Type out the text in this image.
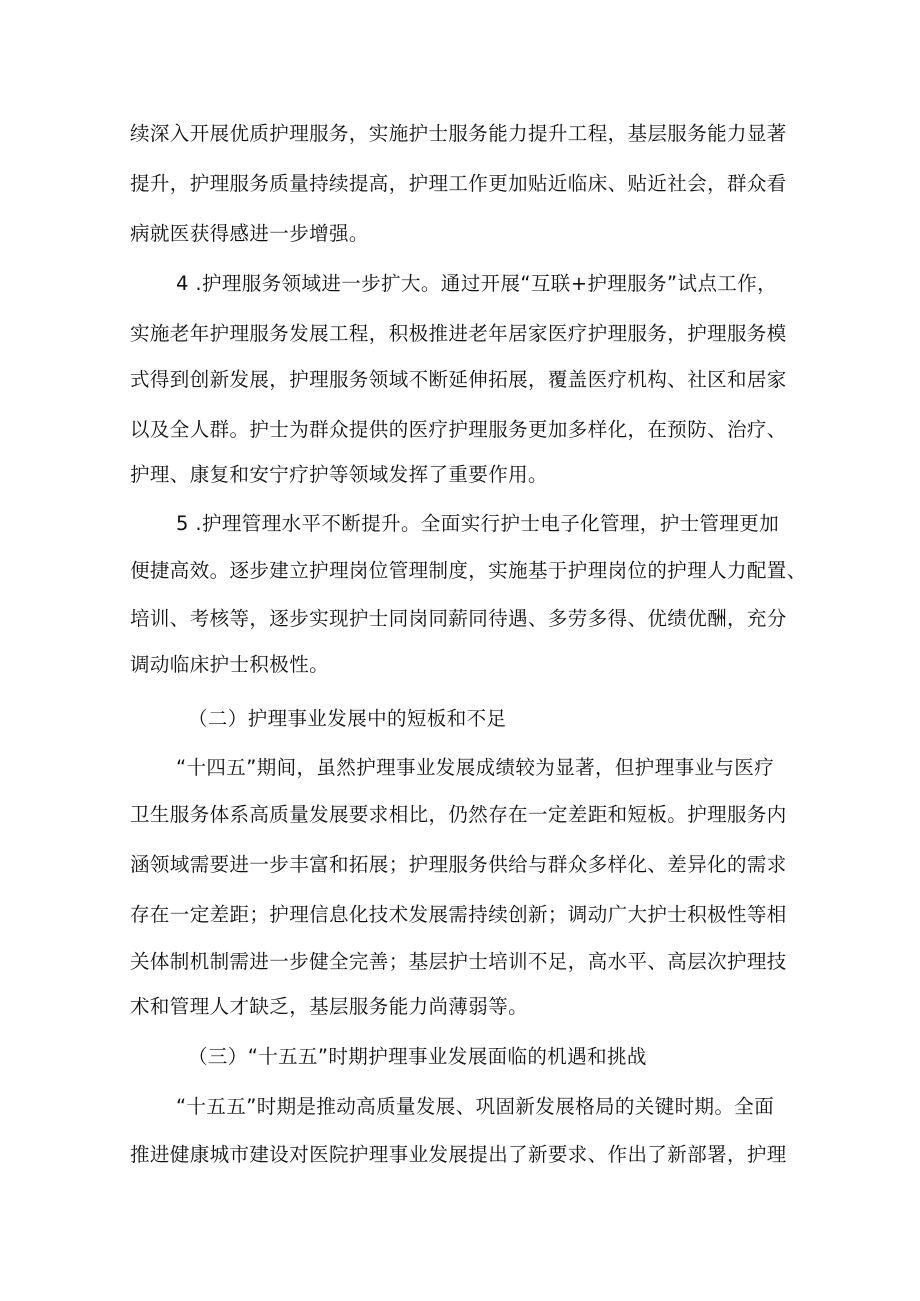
续深入开展优质护理服务，实施护士服务能力提升工程，基层服务能力显著
提升，护理服务质量持续提高，护理工作更加贴近临床、贴近社会，群众看
病就医获得感进一步增强。
4 .护理服务领域进一步扩大。通过开展“互联+护理服务”试点工作，
实施老年护理服务发展工程，积极推进老年居家医疗护理服务，护理服务模
式得到创新发展，护理服务领域不断延伸拓展，覆盖医疗机构、社区和居家
以及全人群。护士为群众提供的医疗护理服务更加多样化，在预防、治疗、
护理、康复和安宁疗护等领域发挥了重要作用。
5 .护理管理水平不断提升。全面实行护士电子化管理，护士管理更加
便捷高效。逐步建立护理岗位管理制度，实施基于护理岗位的护理人力配置、
培训、考核等，逐步实现护士同岗同薪同待遇、多劳多得、优绩优酬，充分
调动临床护士积极性。
（二）护理事业发展中的短板和不足
“十四五”期间，虽然护理事业发展成绩较为显著，但护理事业与医疗
卫生服务体系高质量发展要求相比，仍然存在一定差距和短板。护理服务内
涵领域需要进一步丰富和拓展；护理服务供给与群众多样化、差异化的需求
存在一定差距；护理信息化技术发展需持续创新；调动广大护士积极性等相
关体制机制需进一步健全完善；基层护士培训不足，高水平、高层次护理技
术和管理人才缺乏，基层服务能力尚薄弱等。
（三）“十五五”时期护理事业发展面临的机遇和挑战
“十五五”时期是推动高质量发展、巩固新发展格局的关键时期。全面
推进健康城市建设对医院护理事业发展提出了新要求、作出了新部署，护理
